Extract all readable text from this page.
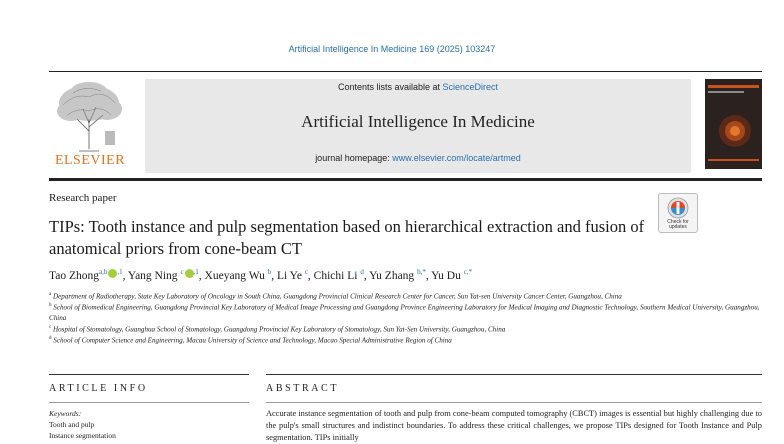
Artificial Intelligence In Medicine 169 (2025) 103247
ELSEVIER
Contents lists available at ScienceDirect
Artificial Intelligence In Medicine
journal homepage: www.elsevier.com/locate/artmed
Research paper
Check for updates
TIPs: Tooth instance and pulp segmentation based on hierarchical extraction and fusion of anatomical priors from cone-beam CT
Tao Zhong$^{a,b}$ $^{,1}$, Yang Ning $^c$ $^{,1}$, Xueyang Wu $^b$, Li Ye $^c$, Chichi Li $^d$, Yu Zhang $^{b,*}$, Yu Du $^{c,*}$
$^a$ Department of Radiotherapy, State Key Laboratory of Oncology in South China, Guangdong Provincial Clinical Research Center for Cancer, Sun Yat-sen University Cancer Center, Guangzhou, China
$^b$ School of Biomedical Engineering, Guangdong Provincial Key Laboratory of Medical Image Processing and Guangdong Province Engineering Laboratory for Medical Imaging and Diagnostic Technology, Southern Medical University, Guangzhou, China
$^c$ Hospital of Stomatology, Guanghua School of Stomatology, Guangdong Provincial Key Laboratory of Stomatology, Sun Yat-Sen University, Guangzhou, China
$^d$ School of Computer Science and Engineering, Macau University of Science and Technology, Macao Special Administrative Region of China
ARTICLE INFO	ABSTRACT
Keywords:
Tooth and pulp
Instance segmentation
Accurate instance segmentation of tooth and pulp from cone-beam computed tomography (CBCT) images is essential but highly challenging due to the pulp's small structures and indistinct boundaries. To address these critical challenges, we propose TIPs designed for Tooth Instance and Pulp segmentation. TIPs initially
